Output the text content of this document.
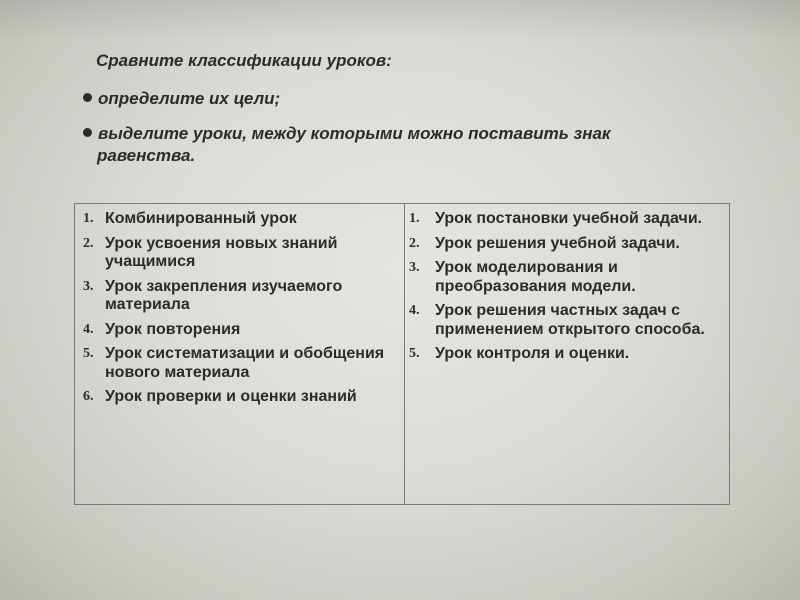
Сравните классификации уроков:
определите их цели;
выделите уроки, между которыми можно поставить знак
равенства.
1. Комбинированный урок
2. Урок усвоения новых знаний учащимися
3. Урок закрепления изучаемого материала
4. Урок повторения
5. Урок систематизации и обобщения нового материала
6. Урок проверки и оценки знаний
1. Урок постановки учебной задачи.
2. Урок решения учебной задачи.
3. Урок моделирования и преобразования модели.
4. Урок решения частных задач с применением открытого способа.
5. Урок контроля и оценки.
